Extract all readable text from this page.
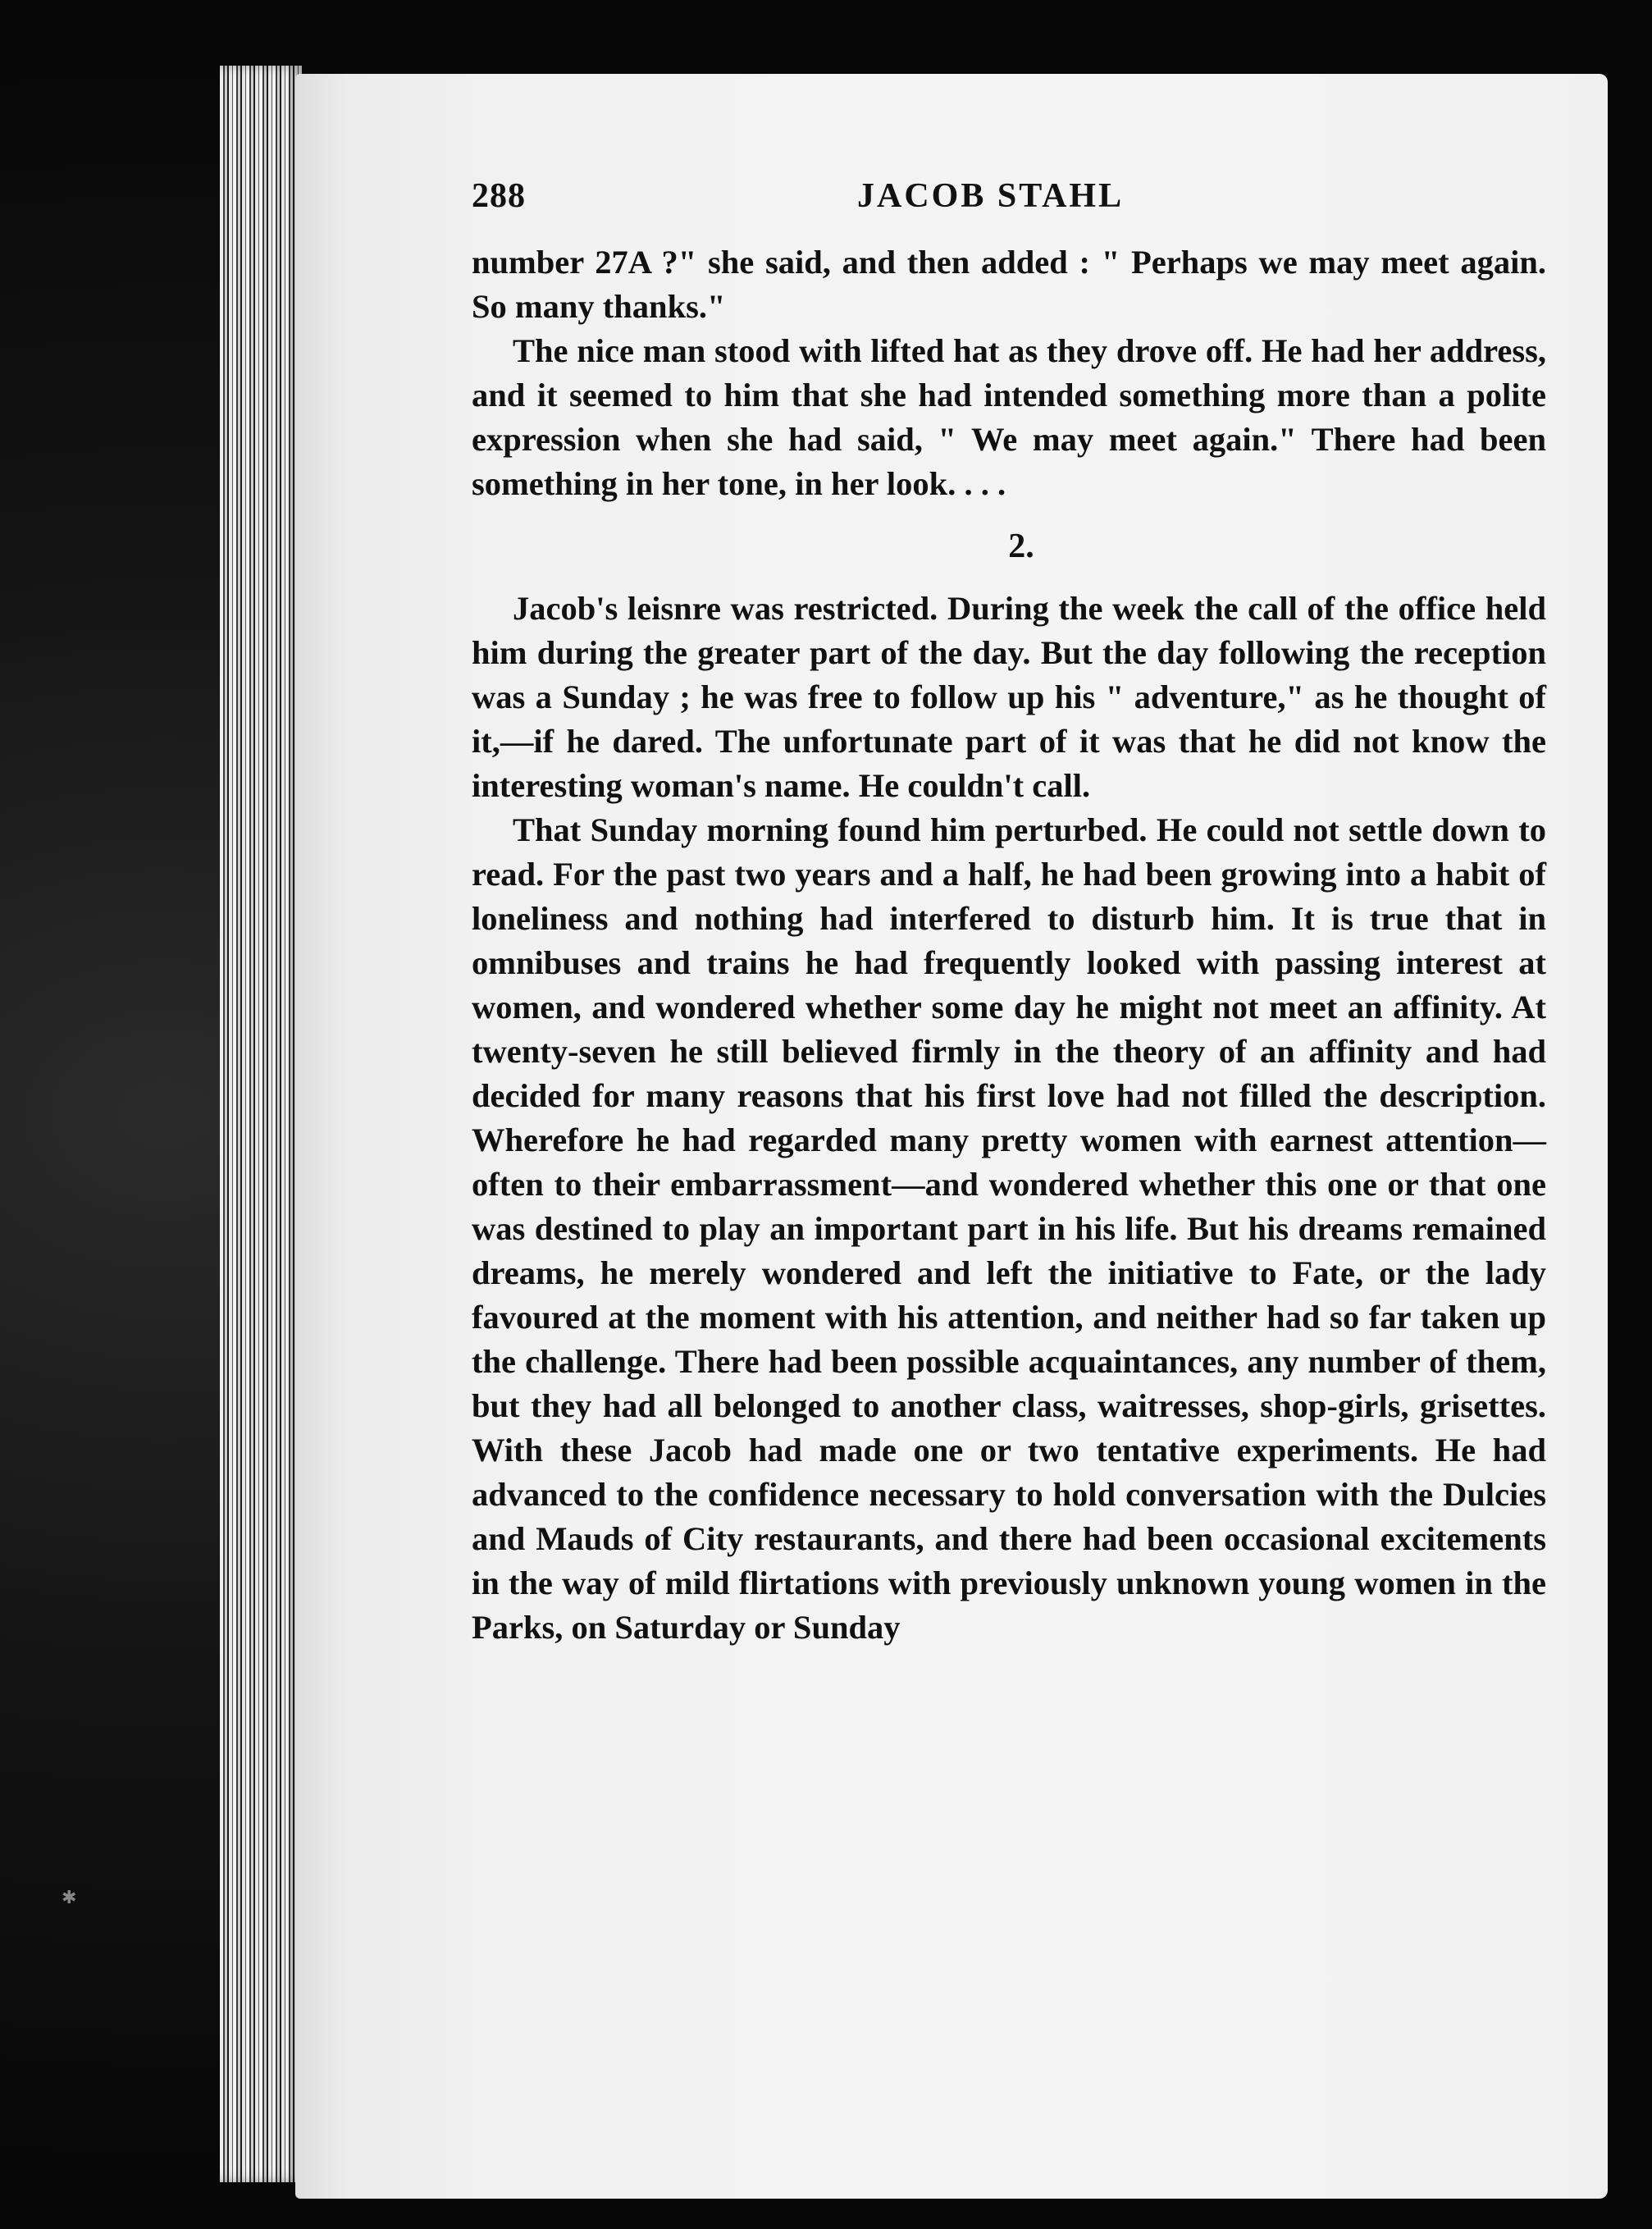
✱
288	JACOB STAHL

number 27A ?" she said, and then added : " Perhaps we may meet again. So many thanks."

The nice man stood with lifted hat as they drove off. He had her address, and it seemed to him that she had intended something more than a polite expression when she had said, " We may meet again." There had been something in her tone, in her look. . . .

2.

Jacob's leisnre was restricted. During the week the call of the office held him during the greater part of the day. But the day following the reception was a Sunday ; he was free to follow up his " adventure," as he thought of it,—if he dared. The unfortunate part of it was that he did not know the interesting woman's name. He couldn't call.

That Sunday morning found him perturbed. He could not settle down to read. For the past two years and a half, he had been growing into a habit of loneliness and nothing had interfered to disturb him. It is true that in omnibuses and trains he had frequently looked with passing interest at women, and wondered whether some day he might not meet an affinity. At twenty-seven he still believed firmly in the theory of an affinity and had decided for many reasons that his first love had not filled the description. Wherefore he had regarded many pretty women with earnest attention—often to their embarrassment—and wondered whether this one or that one was destined to play an important part in his life. But his dreams remained dreams, he merely wondered and left the initiative to Fate, or the lady favoured at the moment with his attention, and neither had so far taken up the challenge. There had been possible acquaintances, any number of them, but they had all belonged to another class, waitresses, shop-girls, grisettes. With these Jacob had made one or two tentative experiments. He had advanced to the confidence necessary to hold conversation with the Dulcies and Mauds of City restaurants, and there had been occasional excitements in the way of mild flirtations with previously unknown young women in the Parks, on Saturday or Sunday
